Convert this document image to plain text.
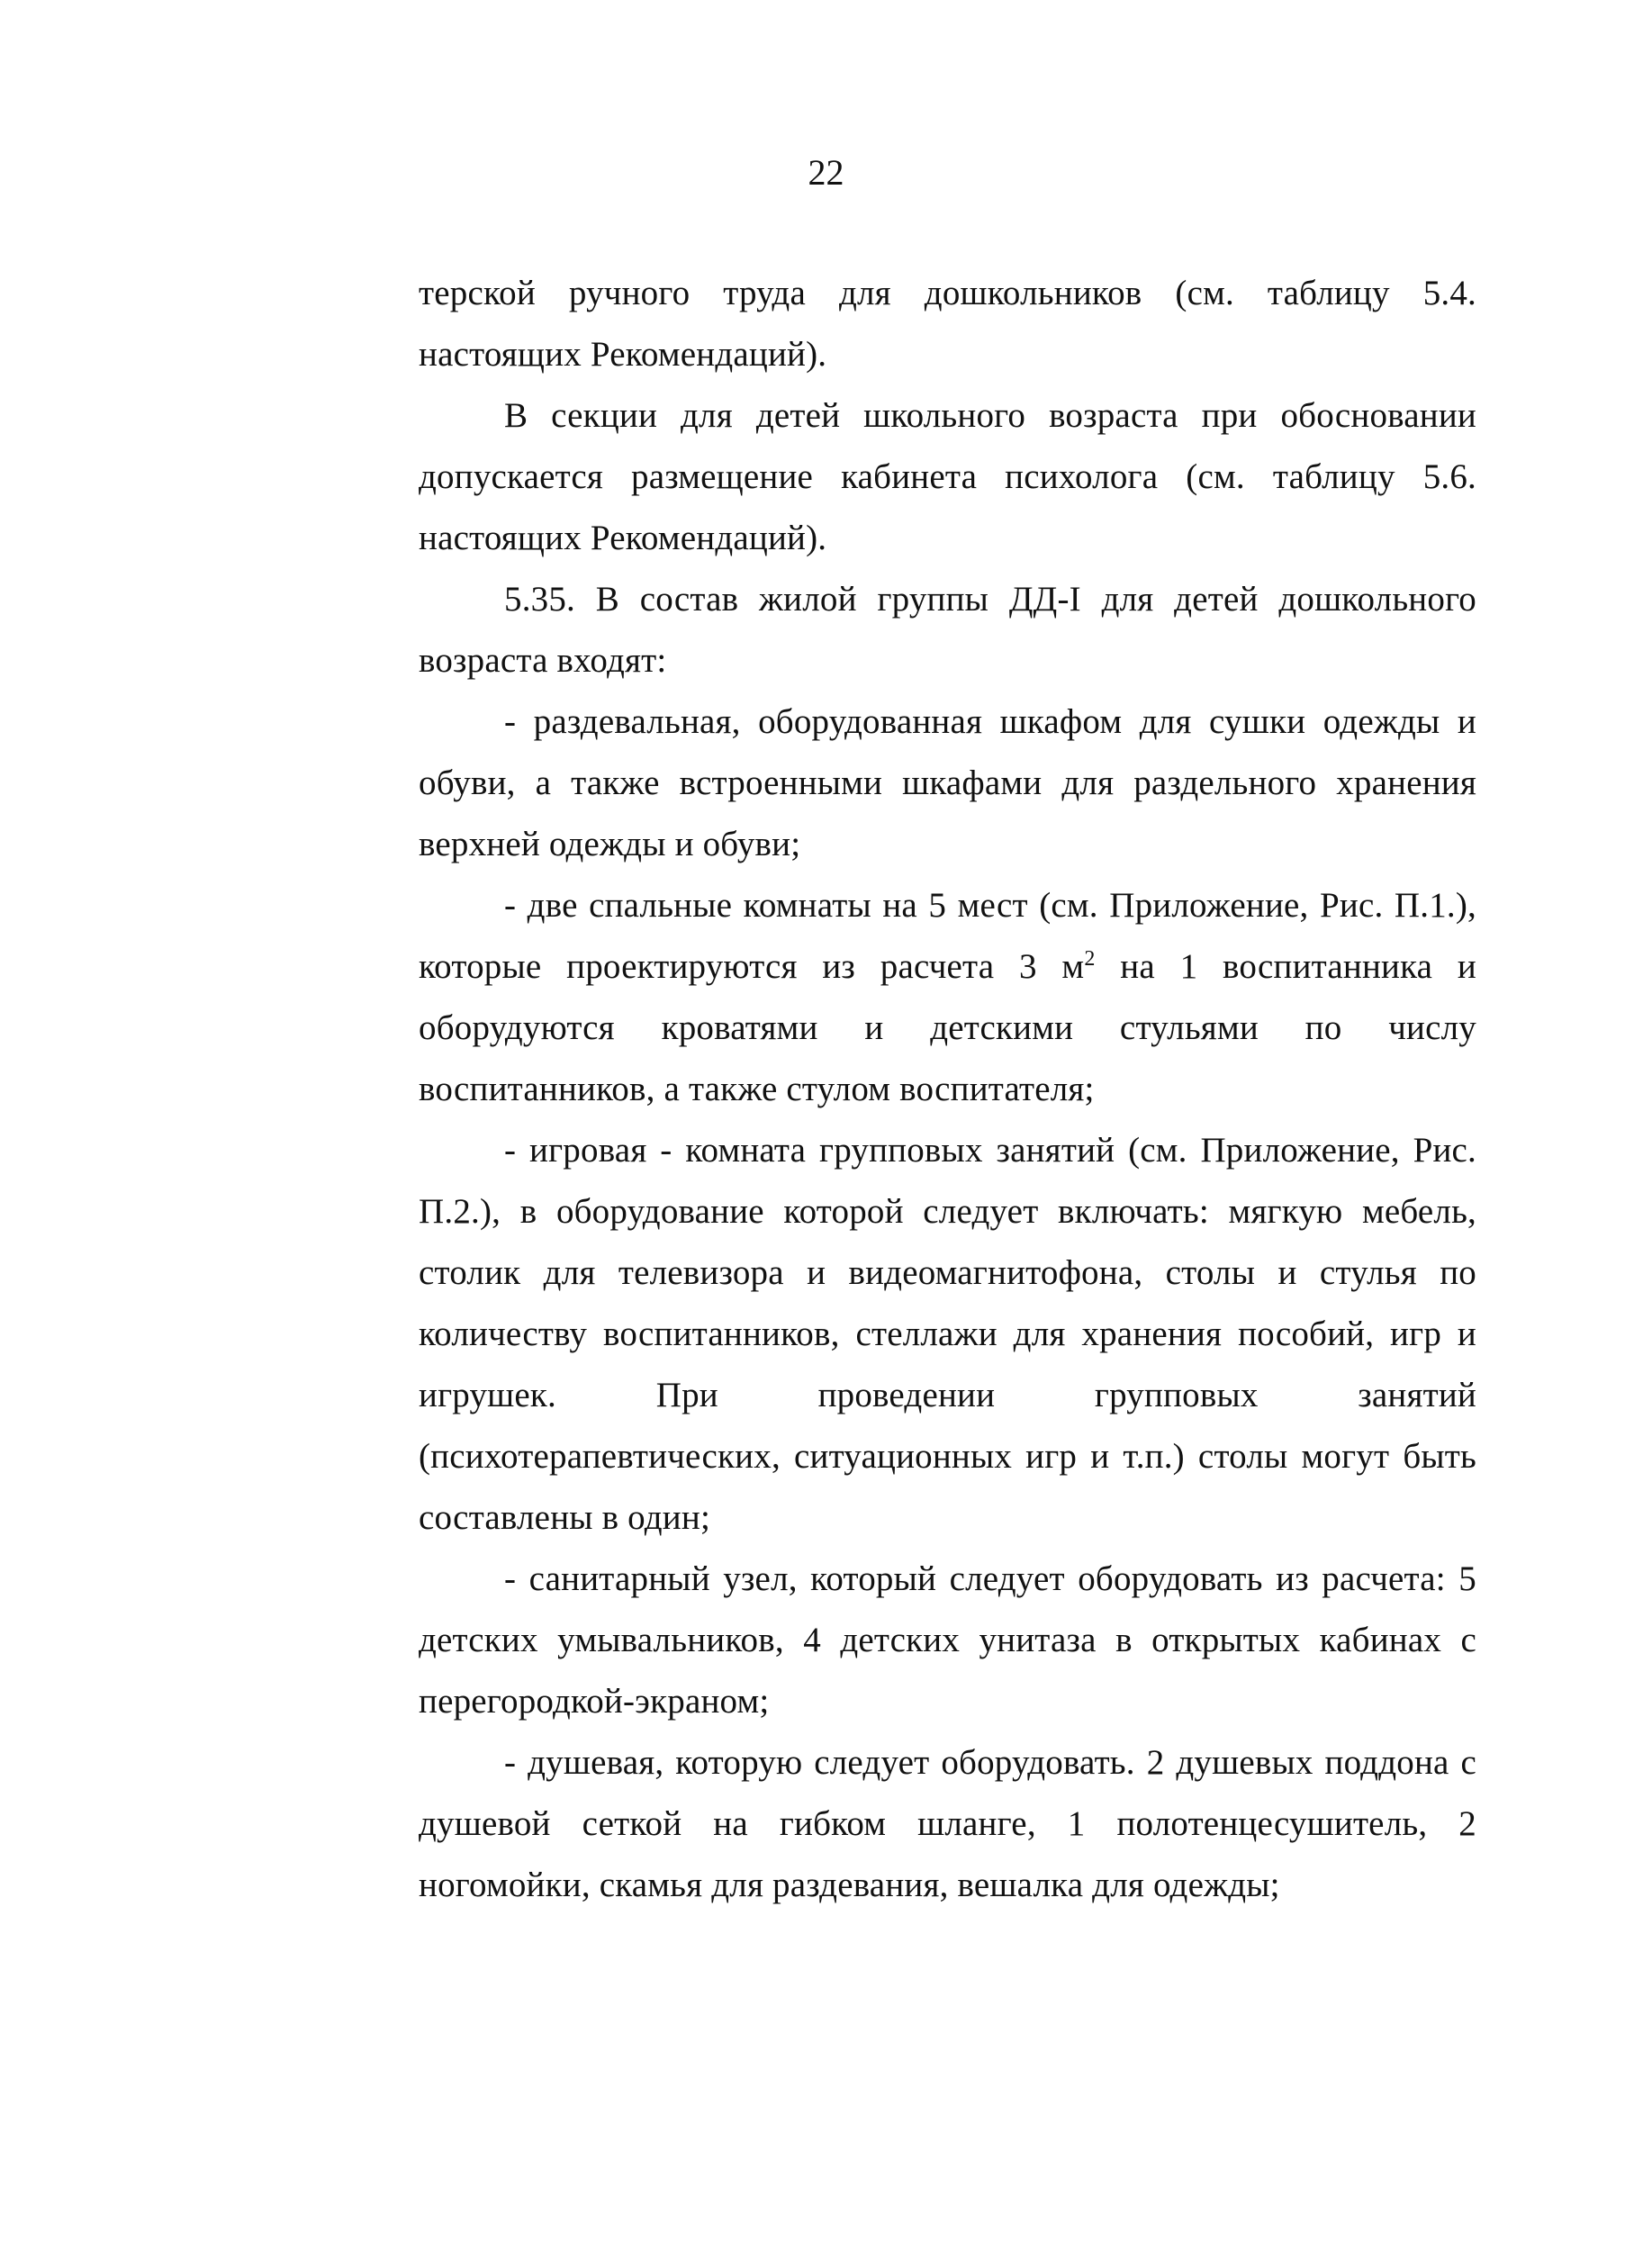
22

терской ручного труда для дошкольников (см. таблицу 5.4. настоящих Рекомендаций).

В секции для детей школьного возраста при обосновании допускается размещение кабинета психолога (см. таблицу 5.6. настоящих Рекомендаций).

5.35. В состав жилой группы ДД-I для детей дошкольного возраста входят:

- раздевальная, оборудованная шкафом для сушки одежды и обуви, а также встроенными шкафами для раздельного хранения верхней одежды и обуви;

- две спальные комнаты на 5 мест (см. Приложение, Рис. П.1.), которые проектируются из расчета 3 $м^2$ на 1 воспитанника и оборудуются кроватями и детскими стульями по числу воспитанников, а также стулом воспитателя;

- игровая - комната групповых занятий (см. Приложение, Рис. П.2.), в оборудование которой следует включать: мягкую мебель, столик для телевизора и видеомагнитофона, столы и стулья по количеству воспитанников, стеллажи для хранения пособий, игр и игрушек. При проведении групповых занятий (психотерапевтических, ситуационных игр и т.п.) столы могут быть составлены в один;

- санитарный узел, который следует оборудовать из расчета: 5 детских умывальников, 4 детских унитаза в открытых кабинах с перегородкой-экраном;

- душевая, которую следует оборудовать. 2 душевых поддона с душевой сеткой на гибком шланге, 1 полотенцесушитель, 2 ногомойки, скамья для раздевания, вешалка для одежды;
